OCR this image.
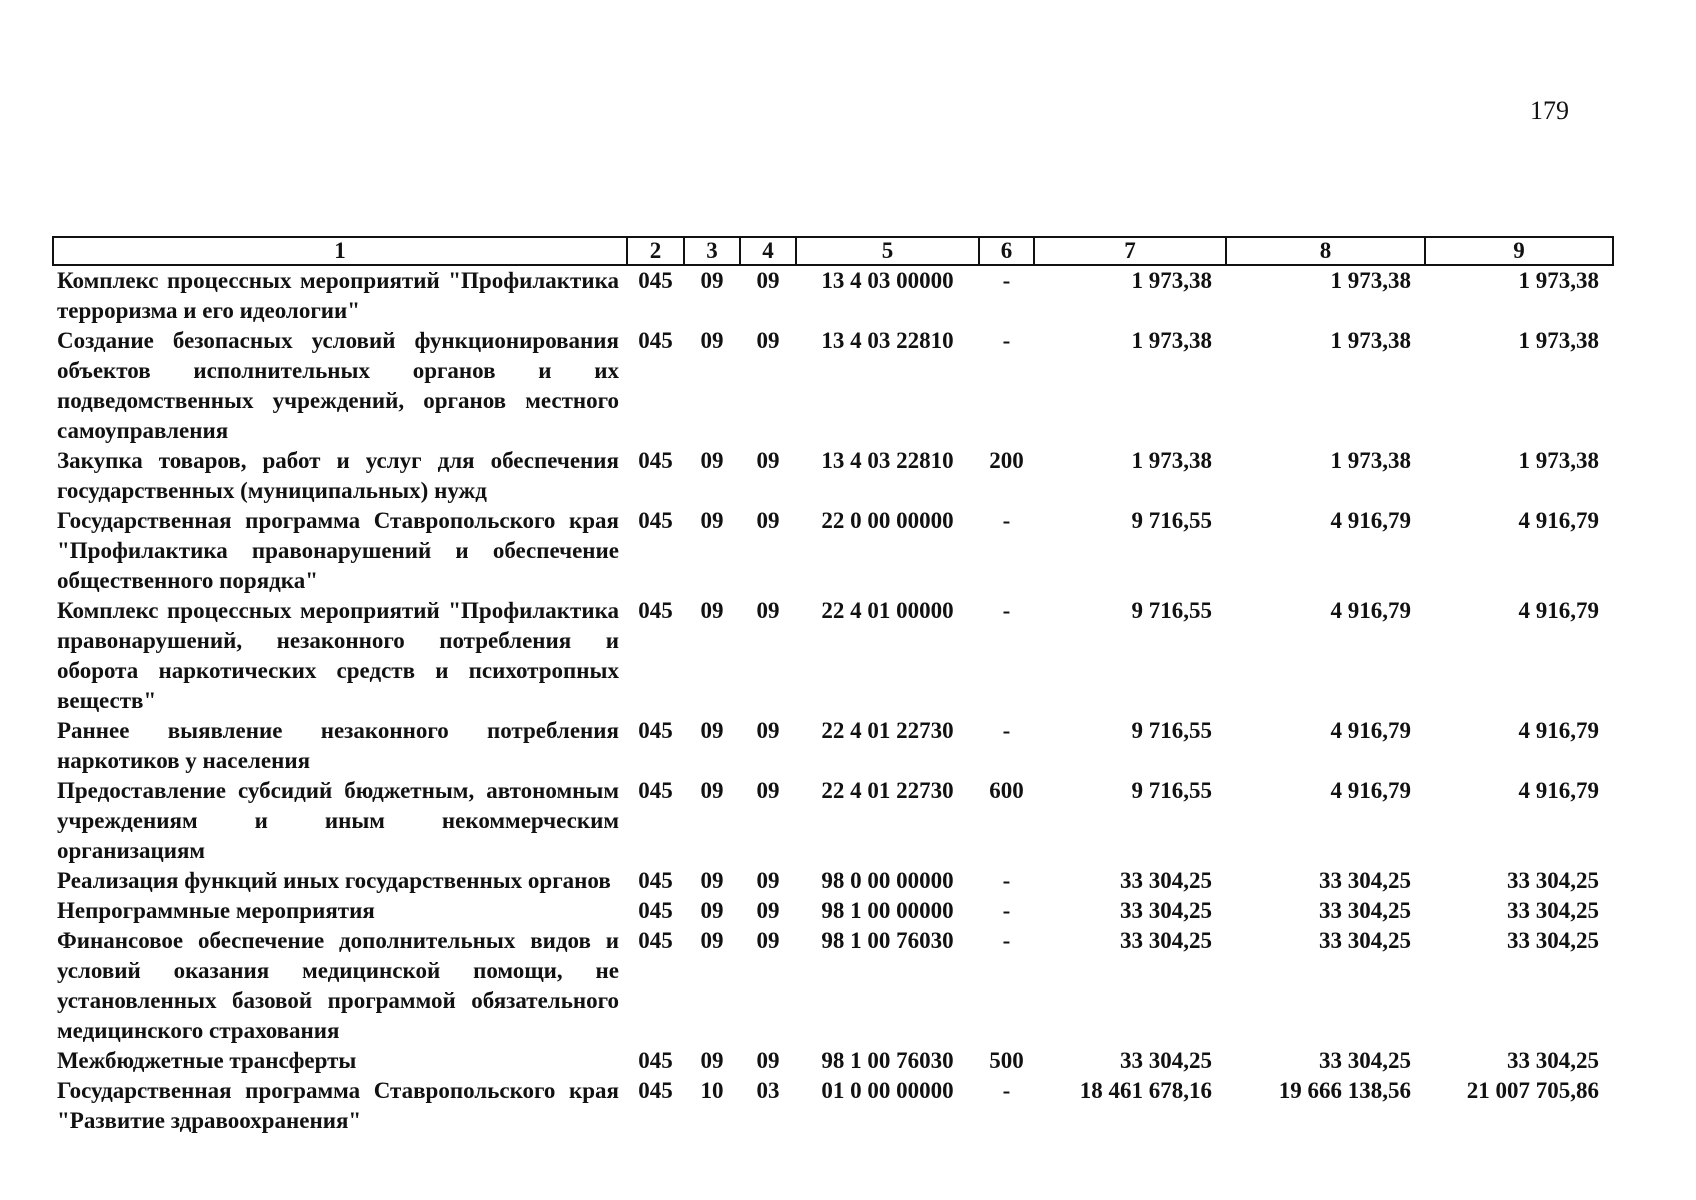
179
1	2	3	4	5	6	7	8	9
Комплекс процессных мероприятий "Профилактика терроризма и его идеологии"	045	09	09	13 4 03 00000	-	1 973,38	1 973,38	1 973,38
Создание безопасных условий функционирования объектов исполнительных органов и их подведомственных учреждений, органов местного самоуправления	045	09	09	13 4 03 22810	-	1 973,38	1 973,38	1 973,38
Закупка товаров, работ и услуг для обеспечения государственных (муниципальных) нужд	045	09	09	13 4 03 22810	200	1 973,38	1 973,38	1 973,38
Государственная программа Ставропольского края "Профилактика правонарушений и обеспечение общественного порядка"	045	09	09	22 0 00 00000	-	9 716,55	4 916,79	4 916,79
Комплекс процессных мероприятий "Профилактика правонарушений, незаконного потребления и оборота наркотических средств и психотропных веществ"	045	09	09	22 4 01 00000	-	9 716,55	4 916,79	4 916,79
Раннее выявление незаконного потребления наркотиков у населения	045	09	09	22 4 01 22730	-	9 716,55	4 916,79	4 916,79
Предоставление субсидий бюджетным, автономным учреждениям и иным некоммерческим организациям	045	09	09	22 4 01 22730	600	9 716,55	4 916,79	4 916,79
Реализация функций иных государственных органов	045	09	09	98 0 00 00000	-	33 304,25	33 304,25	33 304,25
Непрограммные мероприятия	045	09	09	98 1 00 00000	-	33 304,25	33 304,25	33 304,25
Финансовое обеспечение дополнительных видов и условий оказания медицинской помощи, не установленных базовой программой обязательного медицинского страхования	045	09	09	98 1 00 76030	-	33 304,25	33 304,25	33 304,25
Межбюджетные трансферты	045	09	09	98 1 00 76030	500	33 304,25	33 304,25	33 304,25
Государственная программа Ставропольского края "Развитие здравоохранения"	045	10	03	01 0 00 00000	-	18 461 678,16	19 666 138,56	21 007 705,86
